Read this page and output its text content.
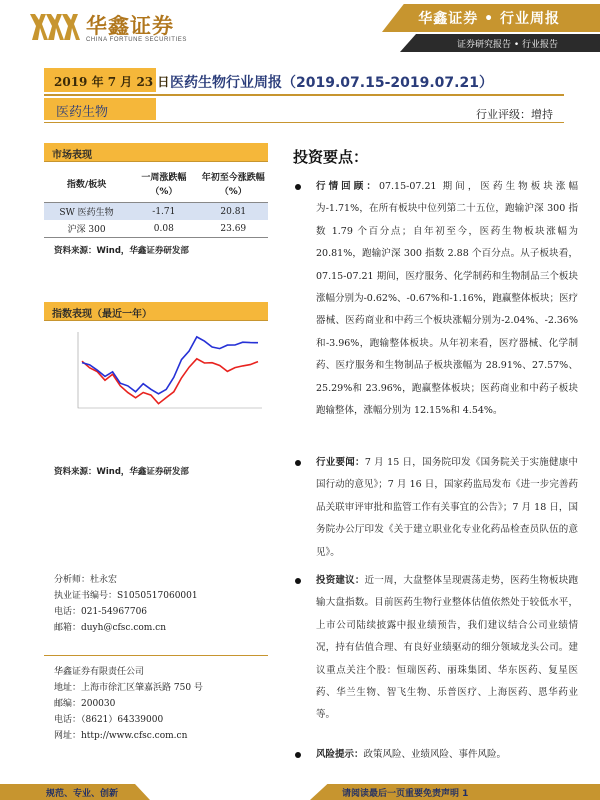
华鑫证券
CHINA FORTUNE SECURITIES
华鑫证券 • 行业周报
证券研究报告 • 行业报告
2019 年 7 月 23 日 医药生物行业周报（2019.07.15-2019.07.21）
医药生物	行业评级：增持
市场表现
指数/板块	一周涨跌幅（%）	年初至今涨跌幅（%）
SW 医药生物	-1.71	20.81
沪深 300	0.08	23.69
资料来源：Wind，华鑫证券研发部
指数表现（最近一年）
资料来源：Wind，华鑫证券研发部
分析师：杜永宏
执业证书编号：S1050517060001
电话：021-54967706
邮箱：duyh@cfsc.com.cn
华鑫证券有限责任公司
地址：上海市徐汇区肇嘉浜路 750 号
邮编：200030
电话：（8621）64339000
网址：http://www.cfsc.com.cn
投资要点：
行情回顾：07.15-07.21 期间，医药生物板块涨幅为-1.71%，在所有板块中位列第二十五位，跑输沪深 300 指数 1.79 个百分点；自年初至今，医药生物板块涨幅为 20.81%，跑输沪深 300 指数 2.88 个百分点。从子板块看，07.15-07.21 期间，医疗服务、化学制药和生物制品三个板块涨幅分别为-0.62%、-0.67%和-1.16%，跑赢整体板块；医疗器械、医药商业和中药三个板块涨幅分别为-2.04%、-2.36%和-3.96%，跑输整体板块。从年初来看，医疗器械、化学制药、医疗服务和生物制品子板块涨幅为 28.91%、27.57%、25.29%和 23.96%，跑赢整体板块；医药商业和中药子板块跑输整体，涨幅分别为 12.15%和 4.54%。
行业要闻：7 月 15 日，国务院印发《国务院关于实施健康中国行动的意见》；7 月 16 日，国家药监局发布《进一步完善药品关联审评审批和监管工作有关事宜的公告》；7 月 18 日，国务院办公厅印发《关于建立职业化专业化药品检查员队伍的意见》。
投资建议：近一周，大盘整体呈现震荡走势，医药生物板块跑输大盘指数。目前医药生物行业整体估值依然处于较低水平，上市公司陆续披露中报业绩预告，我们建议结合公司业绩情况，持有估值合理、有良好业绩驱动的细分领域龙头公司。建议重点关注个股：恒瑞医药、丽珠集团、华东医药、复星医药、华兰生物、智飞生物、乐普医疗、上海医药、恩华药业等。
风险提示：政策风险、业绩风险、事件风险。
规范、专业、创新	请阅读最后一页重要免责声明 1
